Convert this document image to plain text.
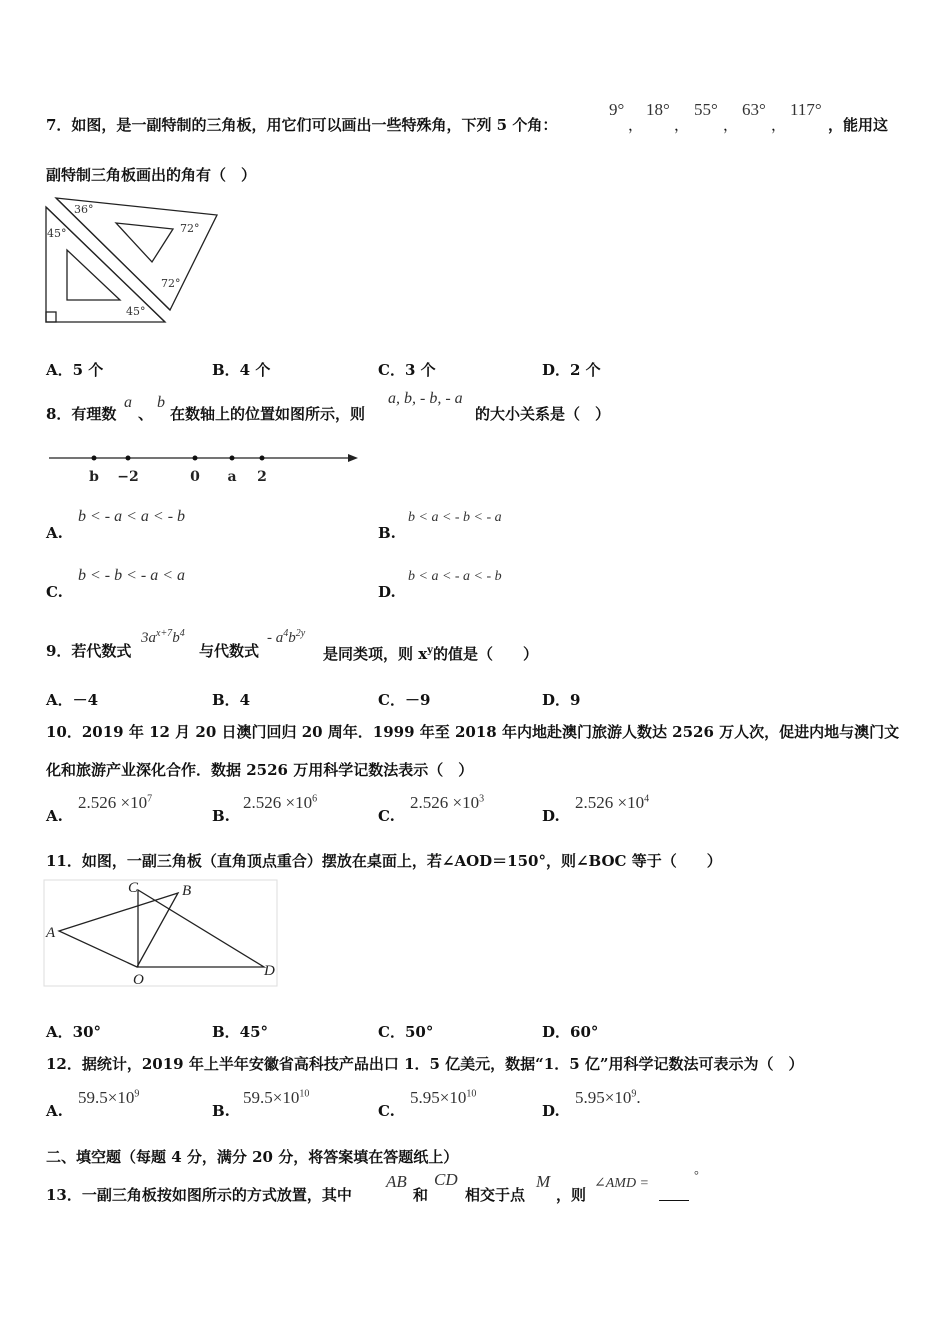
7．如图，是一副特制的三角板，用它们可以画出一些特殊角，下列 5 个角：
9°
，
18°
，
55°
，
63°
，
117°
，能用这
副特制三角板画出的角有（　）
36°
45°	72°
72°
45°
A．5 个	B．4 个	C．3 个	D．2 个
8．有理数
a
、
b
在数轴上的位置如图所示，则
a, b, - b, - a
的大小关系是（　）
b −2	0 a 2
A.
b < - a < a < - b
B.
b < a < - b < - a
C.
b < - b < - a < a
D.
b < a < - a < - b
9．若代数式
$3a^{x+7}b^4$
与代数式
- $a^4b^{2y}$
是同类项，则 $x^y$的值是（　　）
A．－4	B．4	C．－9	D．9
10．2019 年 12 月 20 日澳门回归 20 周年．1999 年至 2018 年内地赴澳门旅游人数达 2526 万人次，促进内地与澳门文
化和旅游产业深化合作．数据 2526 万用科学记数法表示（　）
A.
$2.526 \times 10^7$
B.
$2.526 \times 10^6$
C.
$2.526 \times 10^3$
D.
$2.526 \times 10^4$
11．如图，一副三角板（直角顶点重合）摆放在桌面上，若∠AOD＝150°，则∠BOC 等于（　　）
A
B
C
O
D
A．30°	B．45°	C．50°	D．60°
12．据统计，2019 年上半年安徽省高科技产品出口 1．5 亿美元，数据“1．5 亿”用科学记数法可表示为（　）
A.
$59.5\times 10^9$
B.
$59.5\times 10^{10}$
C.
$5.95\times 10^{10}$
D.
$5.95\times 10^9$.
二、填空题（每题 4 分，满分 20 分，将答案填在答题纸上）
13．一副三角板按如图所示的方式放置，其中
AB
和
CD
相交于点
M
，则
∠AMD =
°
